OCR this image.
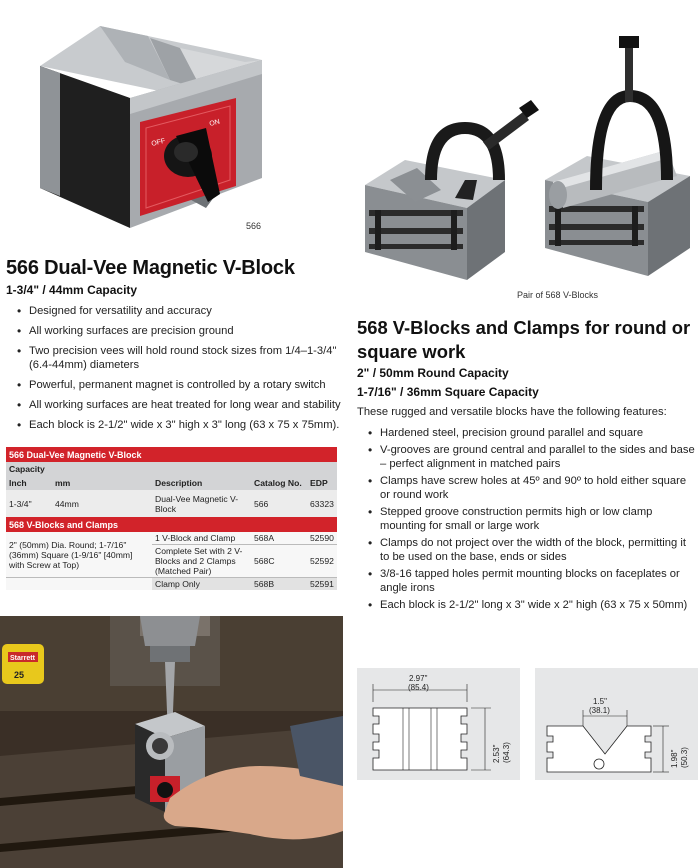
OFF
ON
566
566 Dual-Vee Magnetic V-Block
1-3/4" / 44mm Capacity
• Designed for versatility and accuracy
• All working surfaces are precision ground
• Two precision vees will hold round stock sizes from 1/4–1-3/4" (6.4-44mm) diameters
• Powerful, permanent magnet is controlled by a rotary switch
• All working surfaces are heat treated for long wear and stability
• Each block is 2-1/2" wide x 3" high x 3" long (63 x 75 x 75mm).
566 Dual-Vee Magnetic V-Block				
Capacity				
Inch	mm	Description	Catalog No.	EDP
1-3/4"	44mm	Dual-Vee Magnetic V-Block	566	63323
568 V-Blocks and Clamps				
2" (50mm) Dia. Round; 1-7/16" (36mm) Square (1-9/16" [40mm] with Screw at Top)		1 V-Block and Clamp	568A	52590
		Complete Set with 2 V-Blocks and 2 Clamps (Matched Pair)	568C	52592
		Clamp Only	568B	52591
Pair of 568 V-Blocks
568 V-Blocks and Clamps for round or square work
2" / 50mm Round Capacity
1-7/16" / 36mm Square Capacity
These rugged and versatile blocks have the following features:
• Hardened steel, precision ground parallel and square
• V-grooves are ground central and parallel to the sides and base – perfect alignment in matched pairs
• Clamps have screw holes at 45º and 90º to hold either square or round work
• Stepped groove construction permits high or low clamp mounting for small or large work
• Clamps do not project over the width of the block, permitting it to be used on the base, ends or sides
• 3/8-16 tapped holes permit mounting blocks on faceplates or angle irons
• Each block is 2-1/2" long x 3" wide x 2" high (63 x 75 x 50mm)
Starrett
25	2.97"
(85.4)
2.53" (64.3)
1.5"
(38.1)
1.98" (50.3)
